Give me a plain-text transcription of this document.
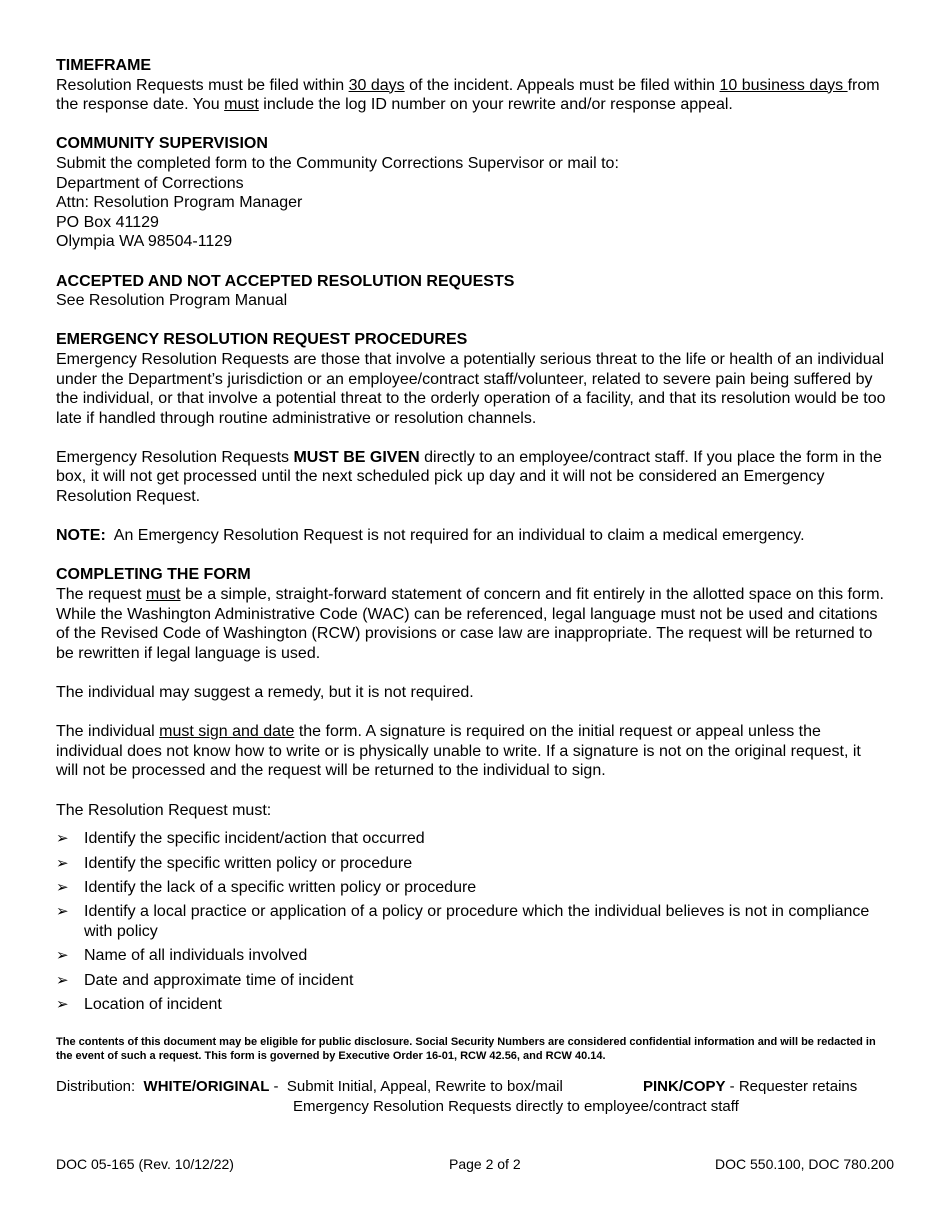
TIMEFRAME

Resolution Requests must be filed within 30 days of the incident. Appeals must be filed within 10 business days from the response date. You must include the log ID number on your rewrite and/or response appeal.

COMMUNITY SUPERVISION
Submit the completed form to the Community Corrections Supervisor or mail to:
Department of Corrections
Attn: Resolution Program Manager
PO Box 41129
Olympia WA 98504-1129
ACCEPTED AND NOT ACCEPTED RESOLUTION REQUESTS
See Resolution Program Manual
EMERGENCY RESOLUTION REQUEST PROCEDURES

Emergency Resolution Requests are those that involve a potentially serious threat to the life or health of an individual under the Department’s jurisdiction or an employee/contract staff/volunteer, related to severe pain being suffered by the individual, or that involve a potential threat to the orderly operation of a facility, and that its resolution would be too late if handled through routine administrative or resolution channels.

Emergency Resolution Requests MUST BE GIVEN directly to an employee/contract staff. If you place the form in the box, it will not get processed until the next scheduled pick up day and it will not be considered an Emergency Resolution Request.

NOTE:  An Emergency Resolution Request is not required for an individual to claim a medical emergency.

COMPLETING THE FORM

The request must be a simple, straight-forward statement of concern and fit entirely in the allotted space on this form. While the Washington Administrative Code (WAC) can be referenced, legal language must not be used and citations of the Revised Code of Washington (RCW) provisions or case law are inappropriate. The request will be returned to be rewritten if legal language is used.

The individual may suggest a remedy, but it is not required.

The individual must sign and date the form. A signature is required on the initial request or appeal unless the individual does not know how to write or is physically unable to write. If a signature is not on the original request, it will not be processed and the request will be returned to the individual to sign.

The Resolution Request must:
➢ Identify the specific incident/action that occurred
➢ Identify the specific written policy or procedure
➢ Identify the lack of a specific written policy or procedure
➢ Identify a local practice or application of a policy or procedure which the individual believes is not in compliance with policy
➢ Name of all individuals involved
➢ Date and approximate time of incident
➢ Location of incident
The contents of this document may be eligible for public disclosure. Social Security Numbers are considered confidential information and will be redacted in the event of such a request. This form is governed by Executive Order 16-01, RCW 42.56, and RCW 40.14.
Distribution:  WHITE/ORIGINAL -  Submit Initial, Appeal, Rewrite to box/mail	PINK/COPY - Requester retains
Emergency Resolution Requests directly to employee/contract staff
DOC 05-165 (Rev. 10/12/22)	Page 2 of 2	DOC 550.100, DOC 780.200
